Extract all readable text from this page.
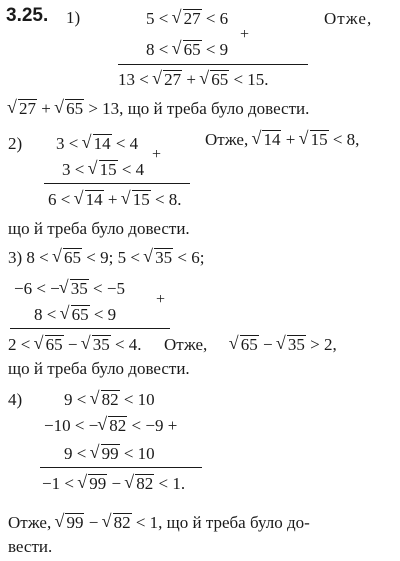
3.25. 1)	5 < √ 27 < 6	Отже,
+
8 < √ 65 < 9
13 < √ 27 + √ 65 < 15.
√ 27 + √ 65 > 13, що й треба було довести.
2) 3 < √ 14 < 4	Отже, √ 14 + √ 15 < 8,
+
3 < √ 15 < 4
6 < √ 14 + √ 15 < 8.
що й треба було довести.
3) 8 < √ 65 < 9; 5 < √ 35 < 6;
−6 < − √ 35 < −5
+
8 < √ 65 < 9
2 < √ 65 − √ 35 < 4. Отже, √ 65 − √ 35 > 2,
що й треба було довести.
4) 9 < √ 82 < 10
−10 < − √ 82 < −9 +
9 < √ 99 < 10
−1 < √ 99 − √ 82 < 1.
Отже, √ 99 − √ 82 < 1, що й треба було до-
вести.
